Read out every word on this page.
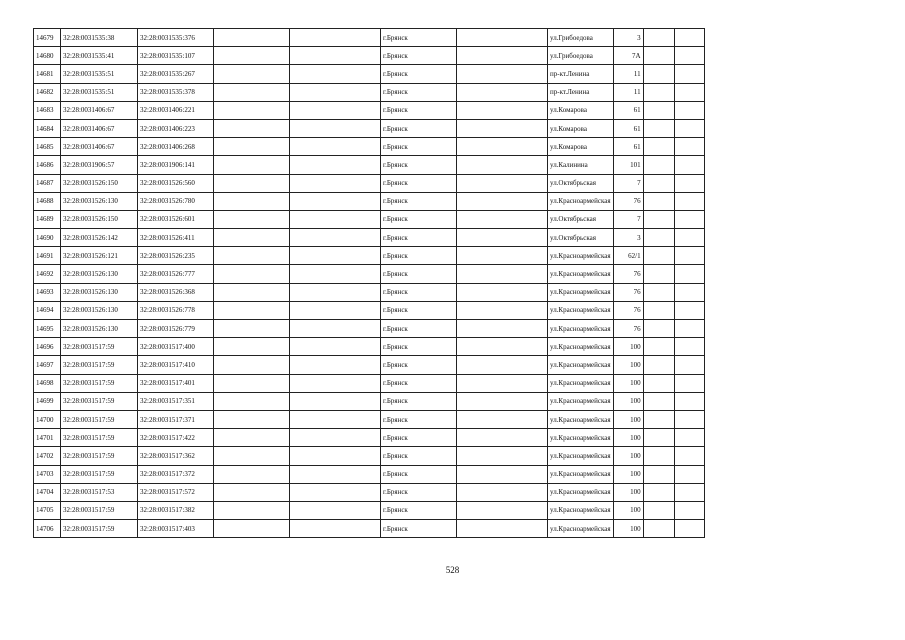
14679	32:28:0031535:38	32:28:0031535:376			г.Брянск		ул.Грибоедова	3		
14680	32:28:0031535:41	32:28:0031535:107			г.Брянск		ул.Грибоедова	7А		
14681	32:28:0031535:51	32:28:0031535:267			г.Брянск		пр-кт.Ленина	11		
14682	32:28:0031535:51	32:28:0031535:378			г.Брянск		пр-кт.Ленина	11		
14683	32:28:0031406:67	32:28:0031406:221			г.Брянск		ул.Комарова	61		
14684	32:28:0031406:67	32:28:0031406:223			г.Брянск		ул.Комарова	61		
14685	32:28:0031406:67	32:28:0031406:268			г.Брянск		ул.Комарова	61		
14686	32:28:0031906:57	32:28:0031906:141			г.Брянск		ул.Калинина	101		
14687	32:28:0031526:150	32:28:0031526:560			г.Брянск		ул.Октябрьская	7		
14688	32:28:0031526:130	32:28:0031526:780			г.Брянск		ул.Красноармейская	76		
14689	32:28:0031526:150	32:28:0031526:601			г.Брянск		ул.Октябрьская	7		
14690	32:28:0031526:142	32:28:0031526:411			г.Брянск		ул.Октябрьская	3		
14691	32:28:0031526:121	32:28:0031526:235			г.Брянск		ул.Красноармейская	62/1		
14692	32:28:0031526:130	32:28:0031526:777			г.Брянск		ул.Красноармейская	76		
14693	32:28:0031526:130	32:28:0031526:368			г.Брянск		ул.Красноармейская	76		
14694	32:28:0031526:130	32:28:0031526:778			г.Брянск		ул.Красноармейская	76		
14695	32:28:0031526:130	32:28:0031526:779			г.Брянск		ул.Красноармейская	76		
14696	32:28:0031517:59	32:28:0031517:400			г.Брянск		ул.Красноармейская	100		
14697	32:28:0031517:59	32:28:0031517:410			г.Брянск		ул.Красноармейская	100		
14698	32:28:0031517:59	32:28:0031517:401			г.Брянск		ул.Красноармейская	100		
14699	32:28:0031517:59	32:28:0031517:351			г.Брянск		ул.Красноармейская	100		
14700	32:28:0031517:59	32:28:0031517:371			г.Брянск		ул.Красноармейская	100		
14701	32:28:0031517:59	32:28:0031517:422			г.Брянск		ул.Красноармейская	100		
14702	32:28:0031517:59	32:28:0031517:362			г.Брянск		ул.Красноармейская	100		
14703	32:28:0031517:59	32:28:0031517:372			г.Брянск		ул.Красноармейская	100		
14704	32:28:0031517:53	32:28:0031517:572			г.Брянск		ул.Красноармейская	100		
14705	32:28:0031517:59	32:28:0031517:382			г.Брянск		ул.Красноармейская	100		
14706	32:28:0031517:59	32:28:0031517:403			г.Брянск		ул.Красноармейская	100		
528
